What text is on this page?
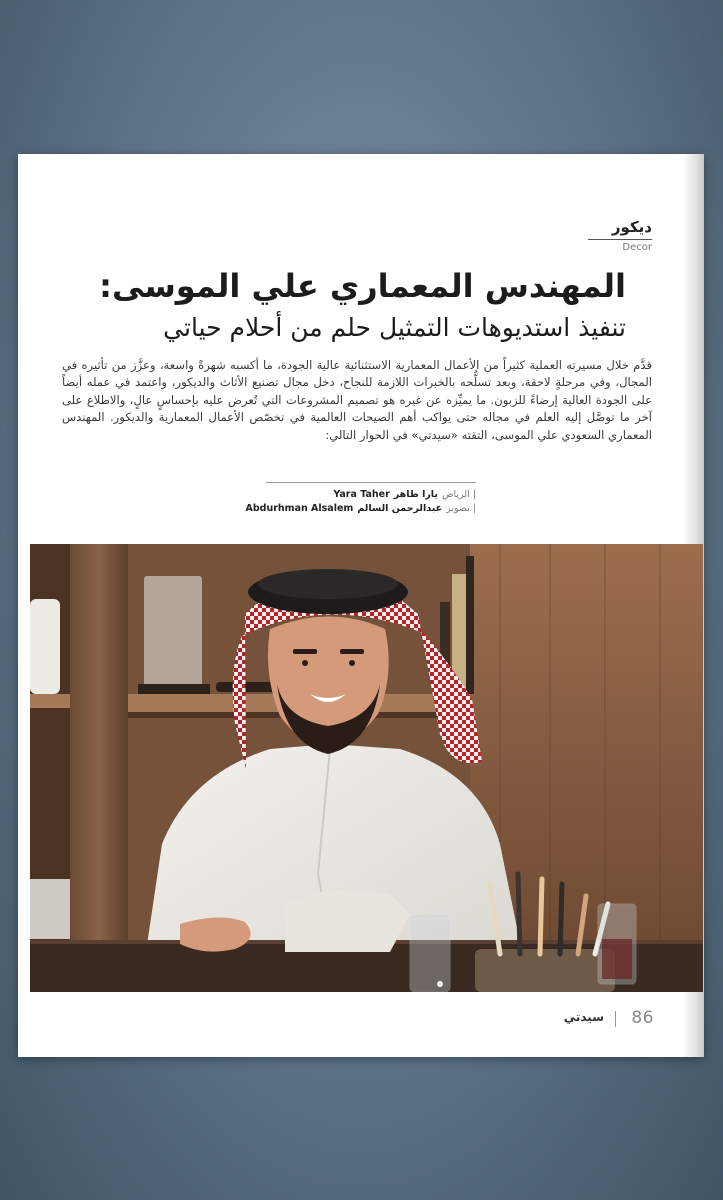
ديكور
Decor
المهندس المعماري علي الموسى:
تنفيذ استديوهات التمثيل حلم من أحلام حياتي
قدَّم خلال مسيرته العملية كثيراً من الأعمال المعمارية الاستثنائية عالية الجودة، ما أكسبه شهرةً واسعة، وعزَّز من تأثيره في المجال، وفي مرحلةٍ لاحقة، وبعد تسلُّحه بالخبرات اللازمة للنجاح، دخل مجال تصنيع الأثاث والديكور، واعتمد في عمله أيضاً على الجودة العالية إرضاءً للزبون. ما يميِّزه عن غيره هو تصميم المشروعات التي تُعرض عليه بإحساسٍ عالٍ، والاطلاع على آخر ما توصَّل إليه العلم في مجاله حتى يواكب أهم الصيحات العالمية في تخصّص الأعمال المعمارية والديكور. المهندس المعماري السعودي علي الموسى، التقته «سيدتي» في الحوار التالي:
Yara Taher يارا طاهر الرياض |
Abdurhman Alsalem عبدالرحمن السالم تصوير |
86
سيدتي
